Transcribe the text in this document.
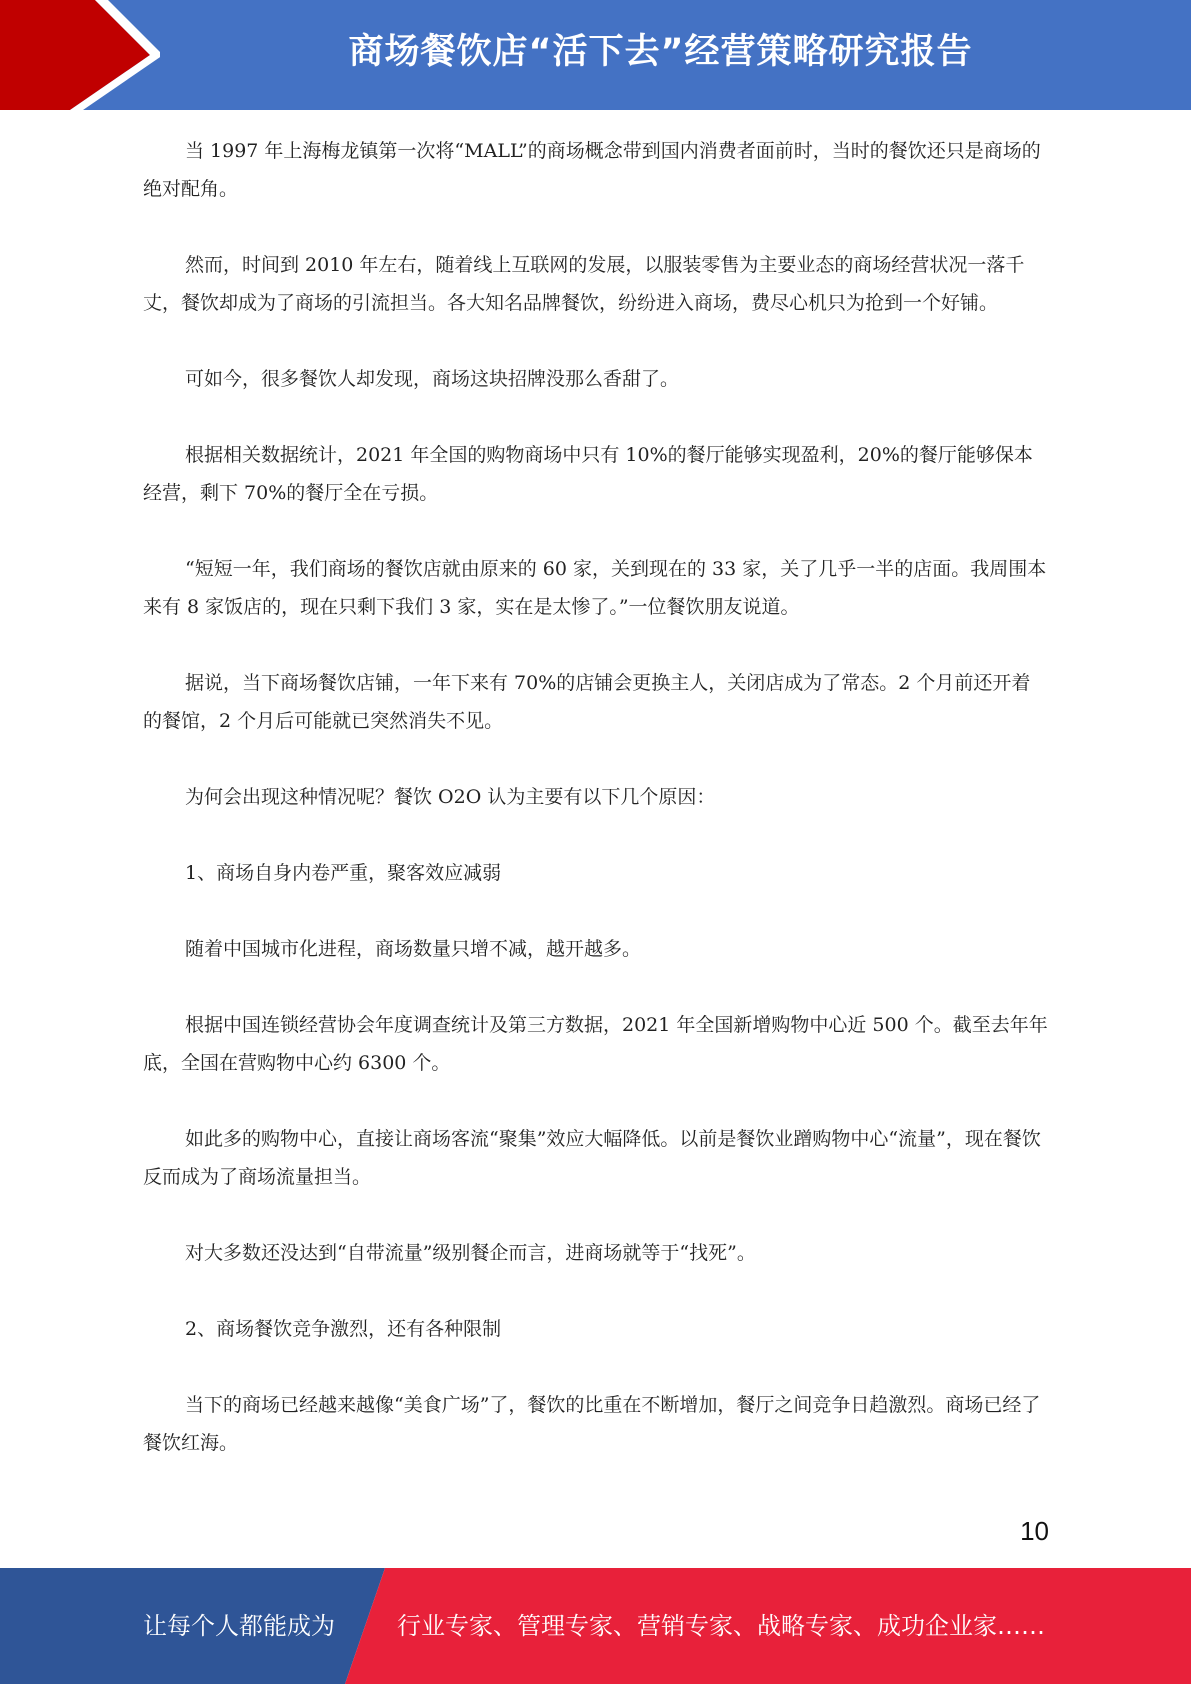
商场餐饮店“活下去”经营策略研究报告

当 1997 年上海梅龙镇第一次将“MALL”的商场概念带到国内消费者面前时，当时的餐饮还只是商场的绝对配角。

然而，时间到 2010 年左右，随着线上互联网的发展，以服装零售为主要业态的商场经营状况一落千丈，餐饮却成为了商场的引流担当。各大知名品牌餐饮，纷纷进入商场，费尽心机只为抢到一个好铺。

可如今，很多餐饮人却发现，商场这块招牌没那么香甜了。

根据相关数据统计，2021 年全国的购物商场中只有 10%的餐厅能够实现盈利，20%的餐厅能够保本经营，剩下 70%的餐厅全在亏损。

“短短一年，我们商场的餐饮店就由原来的 60 家，关到现在的 33 家，关了几乎一半的店面。我周围本来有 8 家饭店的，现在只剩下我们 3 家，实在是太惨了。”一位餐饮朋友说道。

据说，当下商场餐饮店铺，一年下来有 70%的店铺会更换主人，关闭店成为了常态。2 个月前还开着的餐馆，2 个月后可能就已突然消失不见。

为何会出现这种情况呢？餐饮 O2O 认为主要有以下几个原因：

1、商场自身内卷严重，聚客效应减弱

随着中国城市化进程，商场数量只增不减，越开越多。

根据中国连锁经营协会年度调查统计及第三方数据，2021 年全国新增购物中心近 500 个。截至去年年底，全国在营购物中心约 6300 个。

如此多的购物中心，直接让商场客流“聚集”效应大幅降低。以前是餐饮业蹭购物中心“流量”，现在餐饮反而成为了商场流量担当。

对大多数还没达到“自带流量”级别餐企而言，进商场就等于“找死”。

2、商场餐饮竞争激烈，还有各种限制

当下的商场已经越来越像“美食广场”了，餐饮的比重在不断增加，餐厅之间竞争日趋激烈。商场已经了餐饮红海。

10
让每个人都能成为	行业专家、管理专家、营销专家、战略专家、成功企业家……
